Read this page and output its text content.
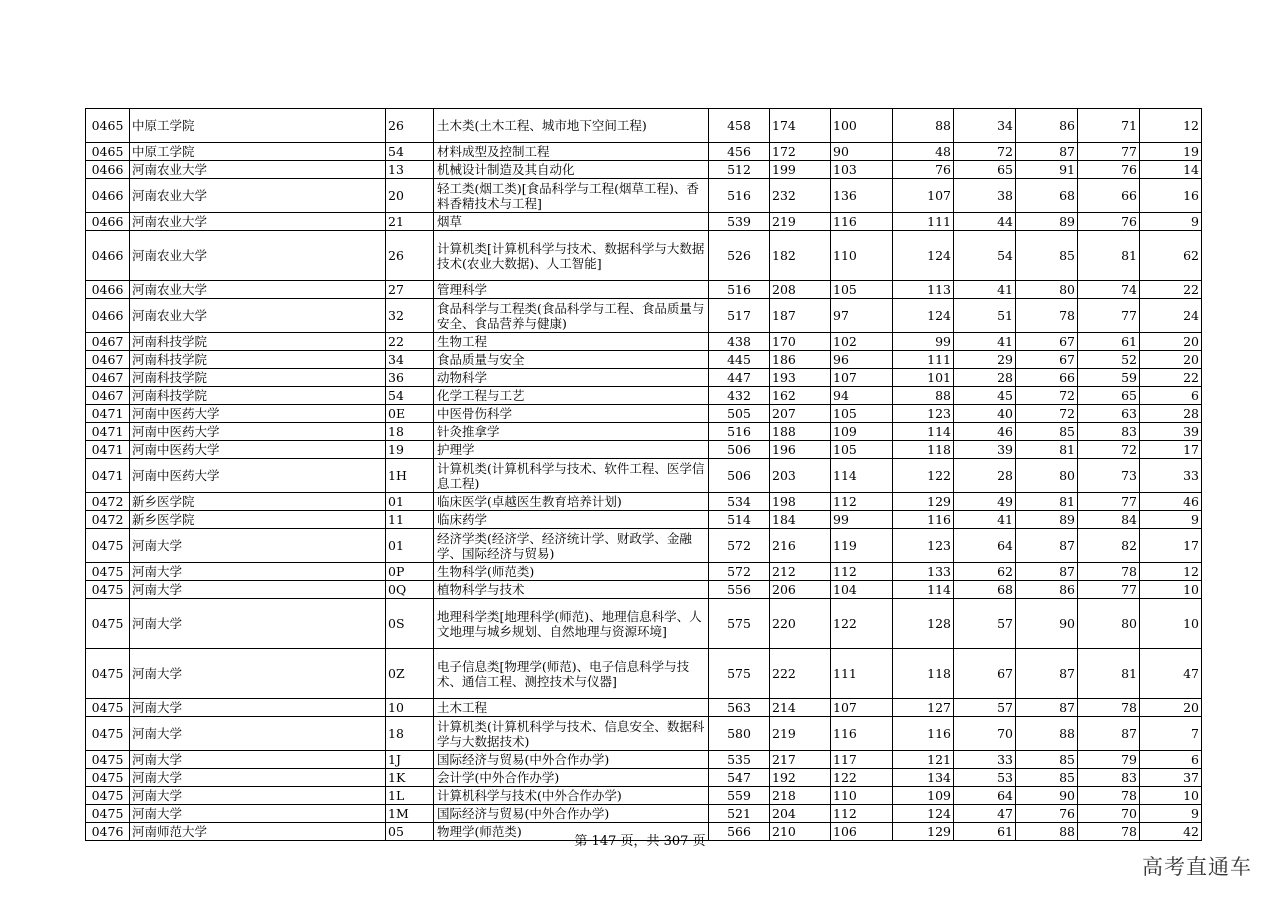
0465	中原工学院	26	土木类(土木工程、城市地下空间工程)	458	174	100	88	34	86	71	12
0465	中原工学院	54	材料成型及控制工程	456	172	90	48	72	87	77	19
0466	河南农业大学	13	机械设计制造及其自动化	512	199	103	76	65	91	76	14
0466	河南农业大学	20	轻工类(烟工类)[食品科学与工程(烟草工程)、香料香精技术与工程]	516	232	136	107	38	68	66	16
0466	河南农业大学	21	烟草	539	219	116	111	44	89	76	9
0466	河南农业大学	26	计算机类[计算机科学与技术、数据科学与大数据技术(农业大数据)、人工智能]	526	182	110	124	54	85	81	62
0466	河南农业大学	27	管理科学	516	208	105	113	41	80	74	22
0466	河南农业大学	32	食品科学与工程类(食品科学与工程、食品质量与安全、食品营养与健康)	517	187	97	124	51	78	77	24
0467	河南科技学院	22	生物工程	438	170	102	99	41	67	61	20
0467	河南科技学院	34	食品质量与安全	445	186	96	111	29	67	52	20
0467	河南科技学院	36	动物科学	447	193	107	101	28	66	59	22
0467	河南科技学院	54	化学工程与工艺	432	162	94	88	45	72	65	6
0471	河南中医药大学	0E	中医骨伤科学	505	207	105	123	40	72	63	28
0471	河南中医药大学	18	针灸推拿学	516	188	109	114	46	85	83	39
0471	河南中医药大学	19	护理学	506	196	105	118	39	81	72	17
0471	河南中医药大学	1H	计算机类(计算机科学与技术、软件工程、医学信息工程)	506	203	114	122	28	80	73	33
0472	新乡医学院	01	临床医学(卓越医生教育培养计划)	534	198	112	129	49	81	77	46
0472	新乡医学院	11	临床药学	514	184	99	116	41	89	84	9
0475	河南大学	01	经济学类(经济学、经济统计学、财政学、金融学、国际经济与贸易)	572	216	119	123	64	87	82	17
0475	河南大学	0P	生物科学(师范类)	572	212	112	133	62	87	78	12
0475	河南大学	0Q	植物科学与技术	556	206	104	114	68	86	77	10
0475	河南大学	0S	地理科学类[地理科学(师范)、地理信息科学、人文地理与城乡规划、自然地理与资源环境]	575	220	122	128	57	90	80	10
0475	河南大学	0Z	电子信息类[物理学(师范)、电子信息科学与技术、通信工程、测控技术与仪器]	575	222	111	118	67	87	81	47
0475	河南大学	10	土木工程	563	214	107	127	57	87	78	20
0475	河南大学	18	计算机类(计算机科学与技术、信息安全、数据科学与大数据技术)	580	219	116	116	70	88	87	7
0475	河南大学	1J	国际经济与贸易(中外合作办学)	535	217	117	121	33	85	79	6
0475	河南大学	1K	会计学(中外合作办学)	547	192	122	134	53	85	83	37
0475	河南大学	1L	计算机科学与技术(中外合作办学)	559	218	110	109	64	90	78	10
0475	河南大学	1M	国际经济与贸易(中外合作办学)	521	204	112	124	47	76	70	9
0476	河南师范大学	05	物理学(师范类)	566	210	106	129	61	88	78	42
第 147 页，共 307 页
高考直通车
